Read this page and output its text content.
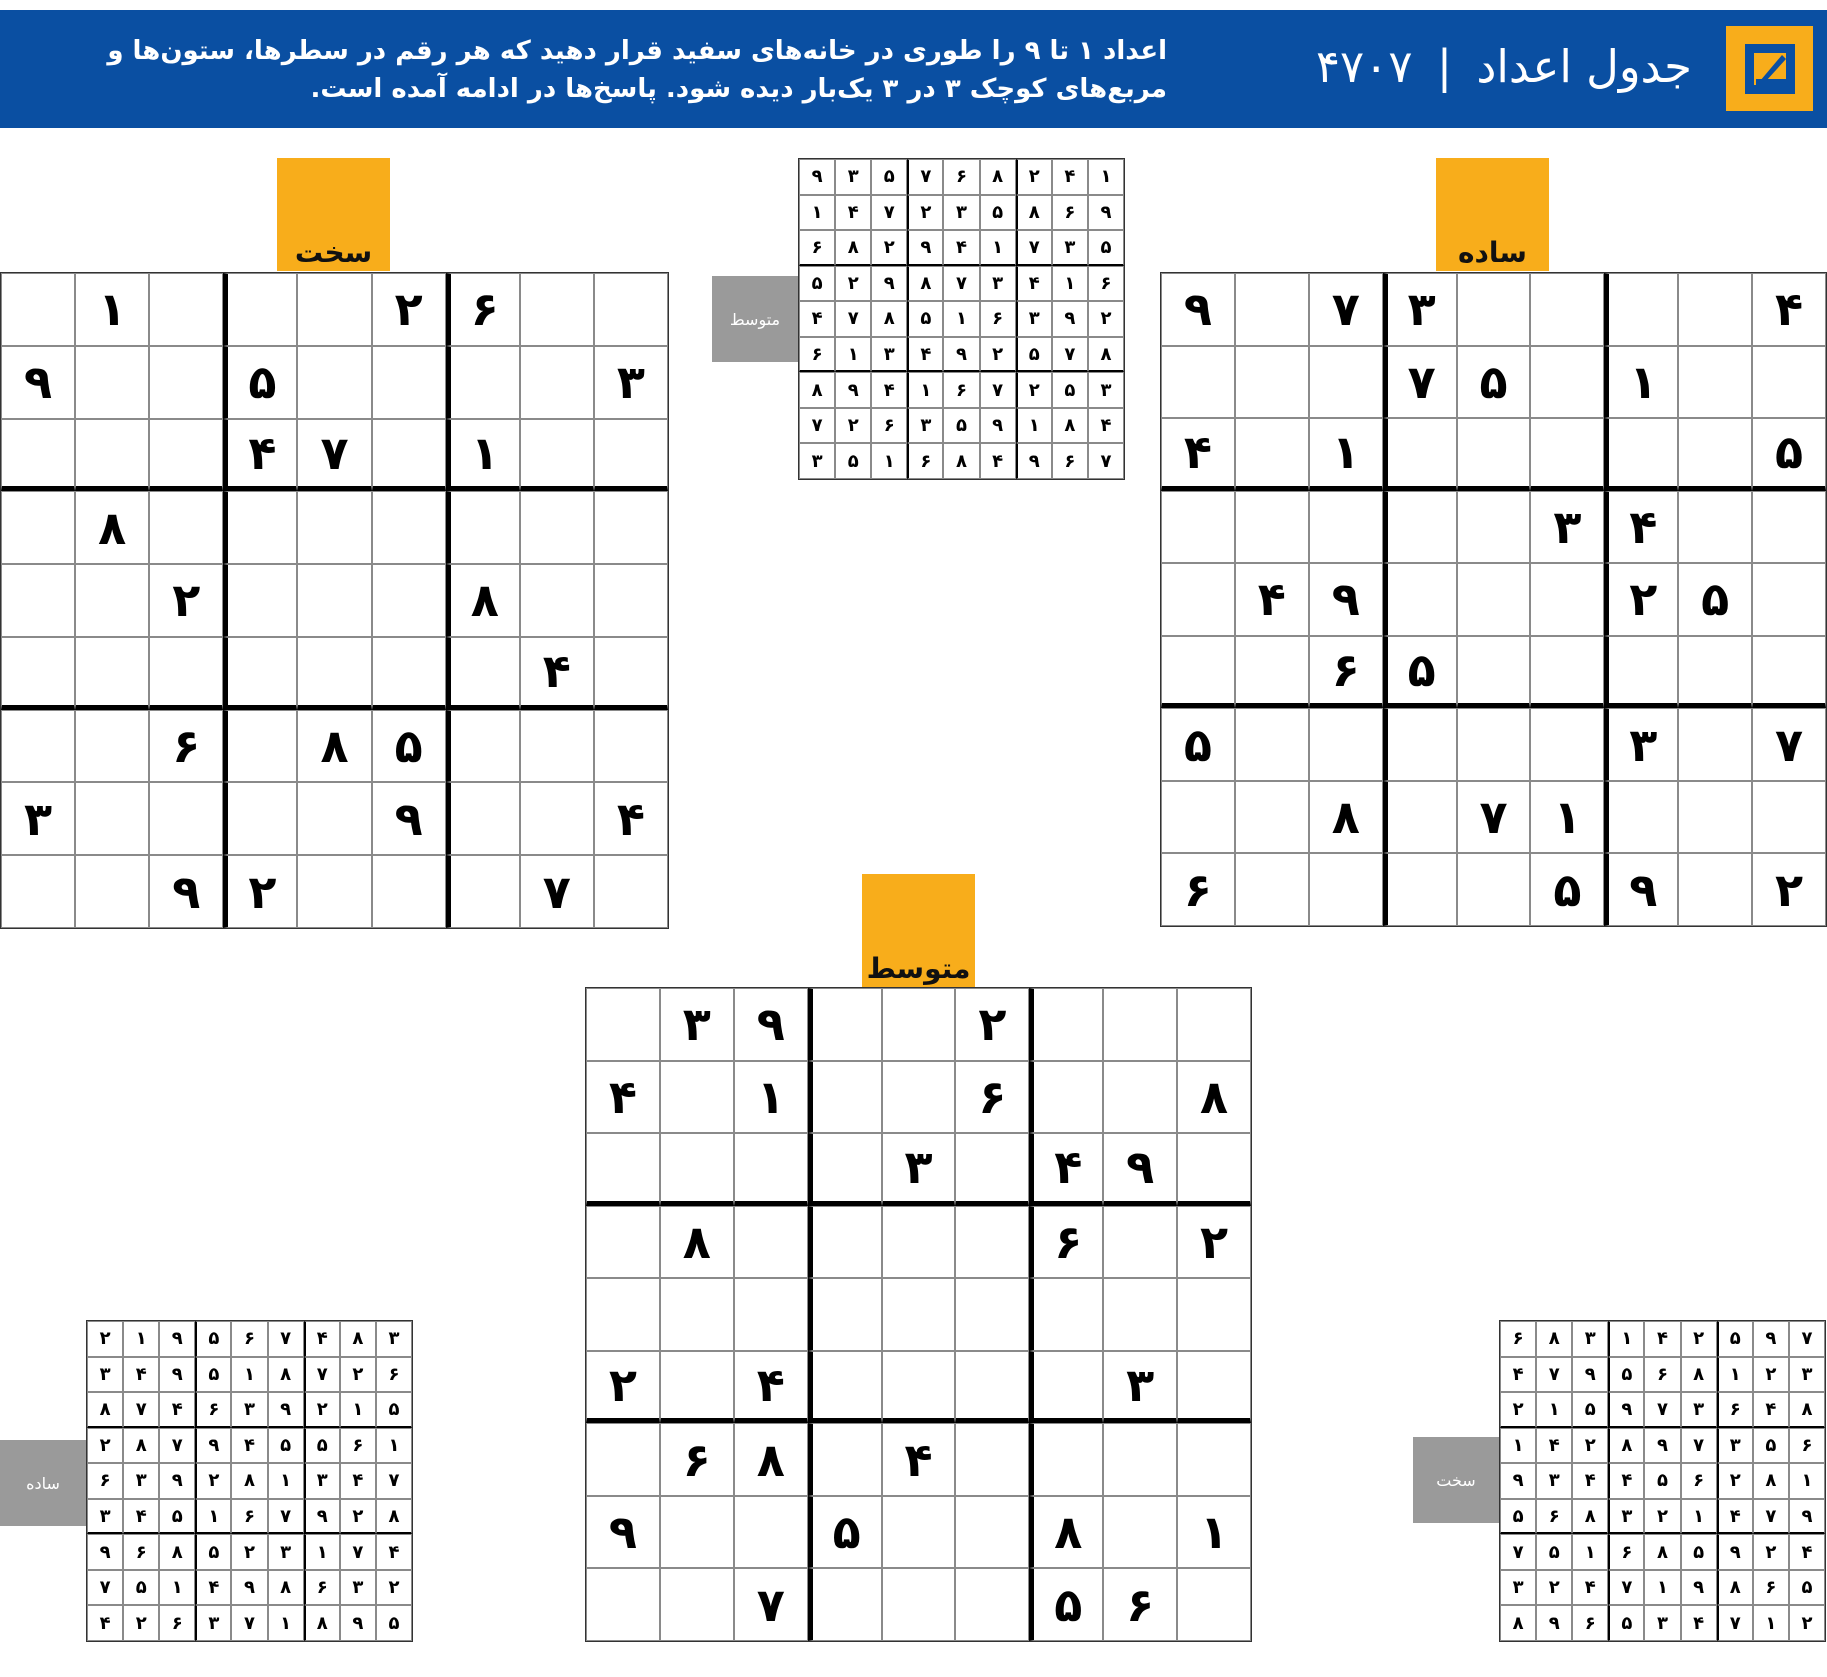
جدول اعداد | ۴۷۰۷
اعداد ۱ تا ۹ را طوری در خانه‌های سفید قرار دهید که هر رقم در سطرها، ستون‌ها و مربع‌های کوچک ۳ در ۳ یک‌بار دیده شود. پاسخ‌ها در ادامه آمده است.
سخت	ساده
متوسط
۶
۲
۱
۳
۵
۹
۱
۷
۴
۸
۸
۲
۴
۵
۸
۶
۴
۹
۳
۷
۲
۹
۴
۳
۷
۹
۱
۵
۷
۵
۱
۴
۴
۳
۵
۲
۹
۴
۵
۶
۷
۳
۵
۱
۷
۸
۲
۹
۵
۶
۲
۹
۳
۸
۶
۱
۴
۹
۴
۳
۲
۶
۸
۳
۴
۲
۴
۸
۶
۱
۸
۵
۹
۶
۵
۷
متوسط
۱
۴
۲
۸
۶
۷
۵
۳
۹
۹
۶
۸
۵
۳
۲
۷
۴
۱
۵
۳
۷
۱
۴
۹
۲
۸
۶
۶
۱
۴
۳
۷
۸
۹
۲
۵
۲
۹
۳
۶
۱
۵
۸
۷
۴
۸
۷
۵
۲
۹
۴
۳
۱
۶
۳
۵
۲
۷
۶
۱
۴
۹
۸
۴
۸
۱
۹
۵
۳
۶
۲
۷
۷
۶
۹
۴
۸
۶
۱
۵
۳
ساده
۳
۸
۴
۷
۶
۵
۹
۱
۲
۶
۲
۷
۸
۱
۵
۹
۴
۳
۵
۱
۲
۹
۳
۶
۴
۷
۸
۱
۶
۵
۵
۴
۹
۷
۸
۲
۷
۴
۳
۱
۸
۲
۹
۳
۶
۸
۲
۹
۷
۶
۱
۵
۴
۳
۴
۷
۱
۳
۲
۵
۸
۶
۹
۲
۳
۶
۸
۹
۴
۱
۵
۷
۵
۹
۸
۱
۷
۳
۶
۲
۴
سخت
۷
۹
۵
۲
۴
۱
۳
۸
۶
۳
۲
۱
۸
۶
۵
۹
۷
۴
۸
۴
۶
۳
۷
۹
۵
۱
۲
۶
۵
۳
۷
۹
۸
۲
۴
۱
۱
۸
۲
۶
۵
۴
۴
۳
۹
۹
۷
۴
۱
۲
۳
۸
۶
۵
۴
۲
۹
۵
۸
۶
۱
۵
۷
۵
۶
۸
۹
۱
۷
۴
۲
۳
۲
۱
۷
۴
۳
۵
۶
۹
۸
